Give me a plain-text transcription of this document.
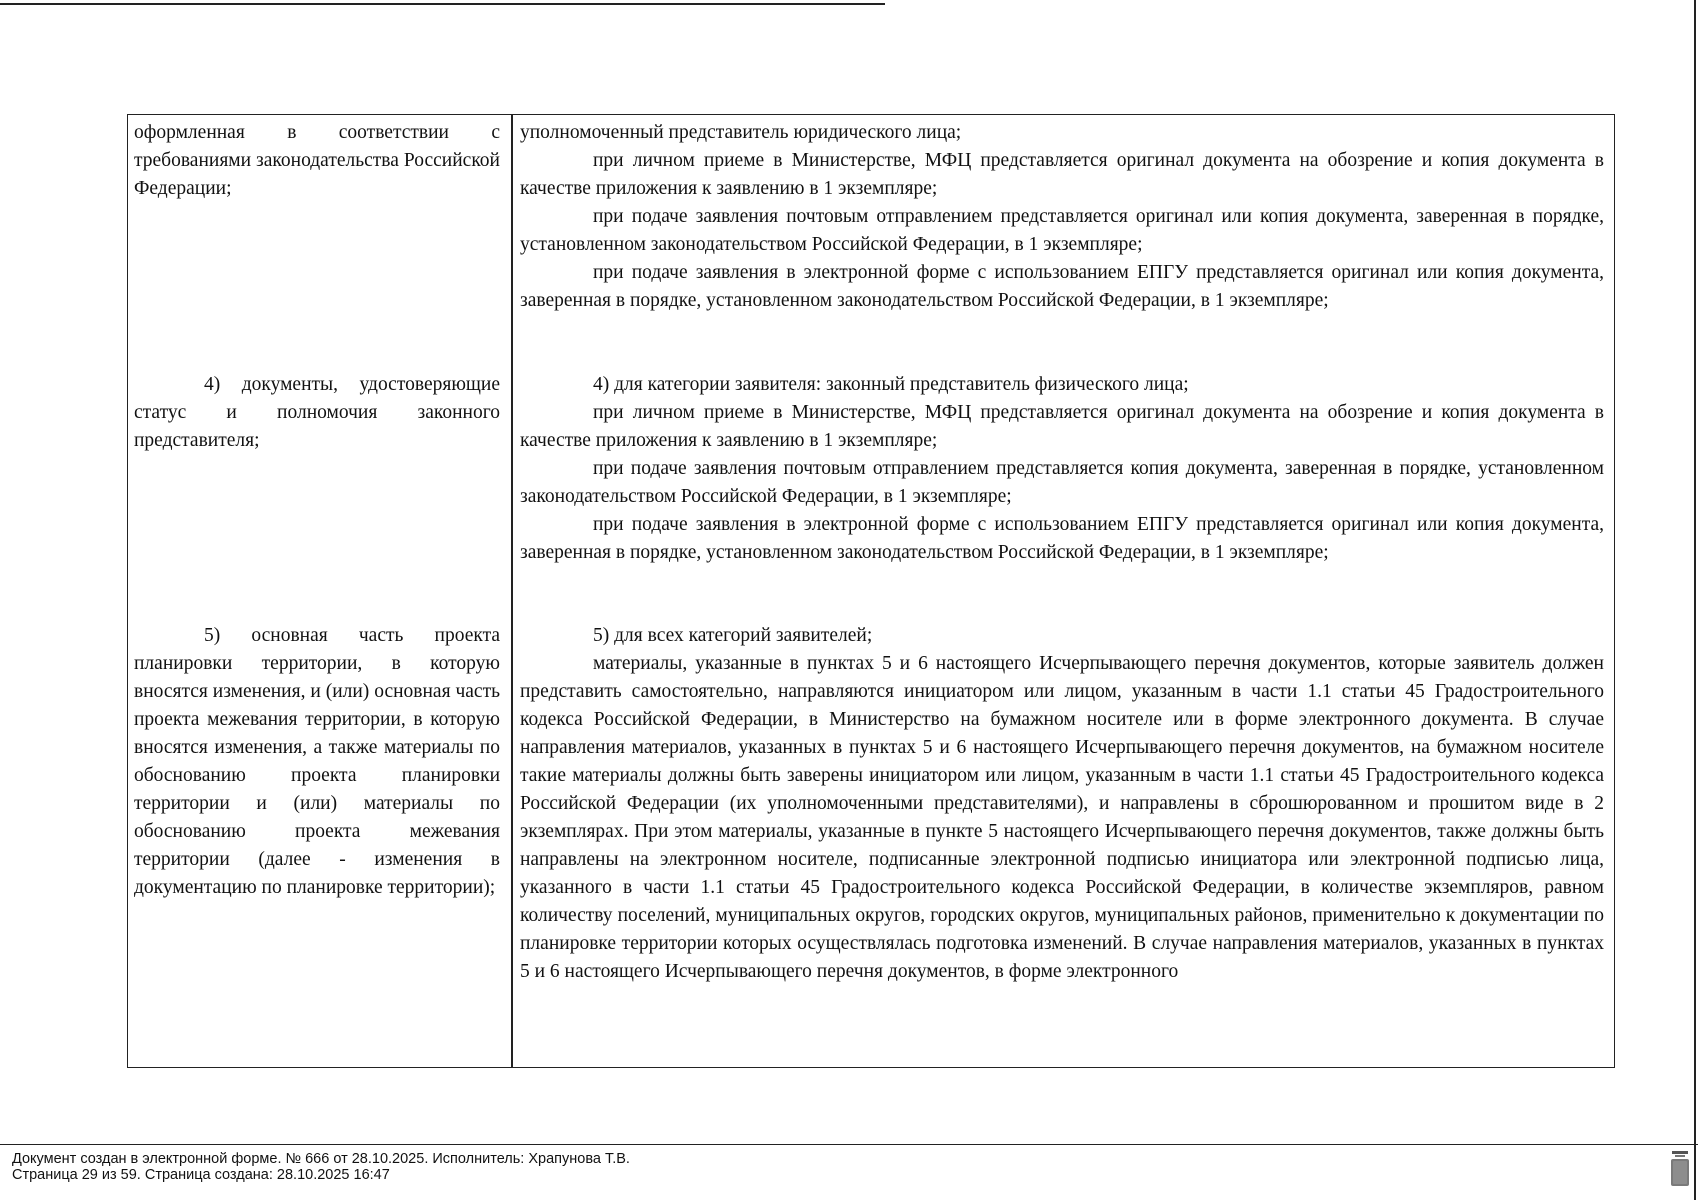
оформленная в соответствии с требованиями законодательства Российской Федерации;

уполномоченный представитель юридического лица;

при личном приеме в Министерстве, МФЦ представляется оригинал документа на обозрение и копия документа в качестве приложения к заявлению в 1 экземпляре;

при подаче заявления почтовым отправлением представляется оригинал или копия документа, заверенная в порядке, установленном законодательством Российской Федерации, в 1 экземпляре;

при подаче заявления в электронной форме с использованием ЕПГУ представляется оригинал или копия документа, заверенная в порядке, установленном законодательством Российской Федерации, в 1 экземпляре;

4) документы, удостоверяющие статус и полномочия законного представителя;

4) для категории заявителя: законный представитель физического лица;

при личном приеме в Министерстве, МФЦ представляется оригинал документа на обозрение и копия документа в качестве приложения к заявлению в 1 экземпляре;

при подаче заявления почтовым отправлением представляется копия документа, заверенная в порядке, установленном законодательством Российской Федерации, в 1 экземпляре;

при подаче заявления в электронной форме с использованием ЕПГУ представляется оригинал или копия документа, заверенная в порядке, установленном законодательством Российской Федерации, в 1 экземпляре;

5) основная часть проекта планировки территории, в которую вносятся изменения, и (или) основная часть проекта межевания территории, в которую вносятся изменения, а также материалы по обоснованию проекта планировки территории и (или) материалы по обоснованию проекта межевания территории (далее - изменения в документацию по планировке территории);

5) для всех категорий заявителей;

материалы, указанные в пунктах 5 и 6 настоящего Исчерпывающего перечня документов, которые заявитель должен представить самостоятельно, направляются инициатором или лицом, указанным в части 1.1 статьи 45 Градостроительного кодекса Российской Федерации, в Министерство на бумажном носителе или в форме электронного документа. В случае направления материалов, указанных в пунктах 5 и 6 настоящего Исчерпывающего перечня документов, на бумажном носителе такие материалы должны быть заверены инициатором или лицом, указанным в части 1.1 статьи 45 Градостроительного кодекса Российской Федерации (их уполномоченными представителями), и направлены в сброшюрованном и прошитом виде в 2 экземплярах. При этом материалы, указанные в пункте 5 настоящего Исчерпывающего перечня документов, также должны быть направлены на электронном носителе, подписанные электронной подписью инициатора или электронной подписью лица, указанного в части 1.1 статьи 45 Градостроительного кодекса Российской Федерации, в количестве экземпляров, равном количеству поселений, муниципальных округов, городских округов, муниципальных районов, применительно к документации по планировке территории которых осуществлялась подготовка изменений. В случае направления материалов, указанных в пунктах 5 и 6 настоящего Исчерпывающего перечня документов, в форме электронного

Документ создан в электронной форме. № 666 от 28.10.2025. Исполнитель: Храпунова Т.В.
Страница 29 из 59. Страница создана: 28.10.2025 16:47
